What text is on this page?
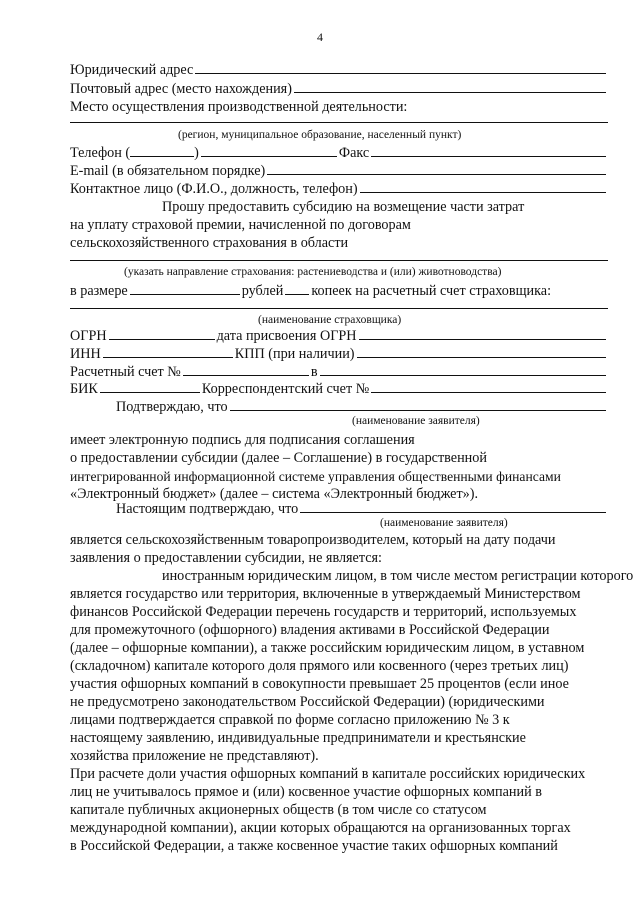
4
Юридический адрес
Почтовый адрес (место нахождения)
Место осуществления производственной деятельности:
(регион, муниципальное образование, населенный пункт)
Телефон (	)	Факс
E-mail (в обязательном порядке)
Контактное лицо (Ф.И.О., должность, телефон)
Прошу предоставить субсидию на возмещение части затрат
на уплату страховой премии, начисленной по договорам
сельскохозяйственного страхования в области
(указать направление страхования: растениеводства и (или) животноводства)
в размере	рублей копеек на расчетный счет страховщика:
(наименование страховщика)
ОГРН	дата присвоения ОГРН
ИНН	КПП (при наличии)
Расчетный счет №	в
БИК	Корреспондентский счет №
Подтверждаю, что
(наименование заявителя)
имеет электронную подпись для подписания соглашения
о предоставлении субсидии (далее – Соглашение) в государственной
интегрированной информационной системе управления общественными финансами
«Электронный бюджет» (далее – система «Электронный бюджет»).
Настоящим подтверждаю, что
(наименование заявителя)
является сельскохозяйственным товаропроизводителем, который на дату подачи
заявления о предоставлении субсидии, не является:
иностранным юридическим лицом, в том числе местом регистрации которого
является государство или территория, включенные в утверждаемый Министерством
финансов Российской Федерации перечень государств и территорий, используемых
для промежуточного (офшорного) владения активами в Российской Федерации
(далее – офшорные компании), а также российским юридическим лицом, в уставном
(складочном) капитале которого доля прямого или косвенного (через третьих лиц)
участия офшорных компаний в совокупности превышает 25 процентов (если иное
не предусмотрено законодательством Российской Федерации) (юридическими
лицами подтверждается справкой по форме согласно приложению № 3 к
настоящему заявлению, индивидуальные предприниматели и крестьянские
хозяйства приложение не представляют).
При расчете доли участия офшорных компаний в капитале российских юридических
лиц не учитывалось прямое и (или) косвенное участие офшорных компаний в
капитале публичных акционерных обществ (в том числе со статусом
международной компании), акции которых обращаются на организованных торгах
в Российской Федерации, а также косвенное участие таких офшорных компаний
